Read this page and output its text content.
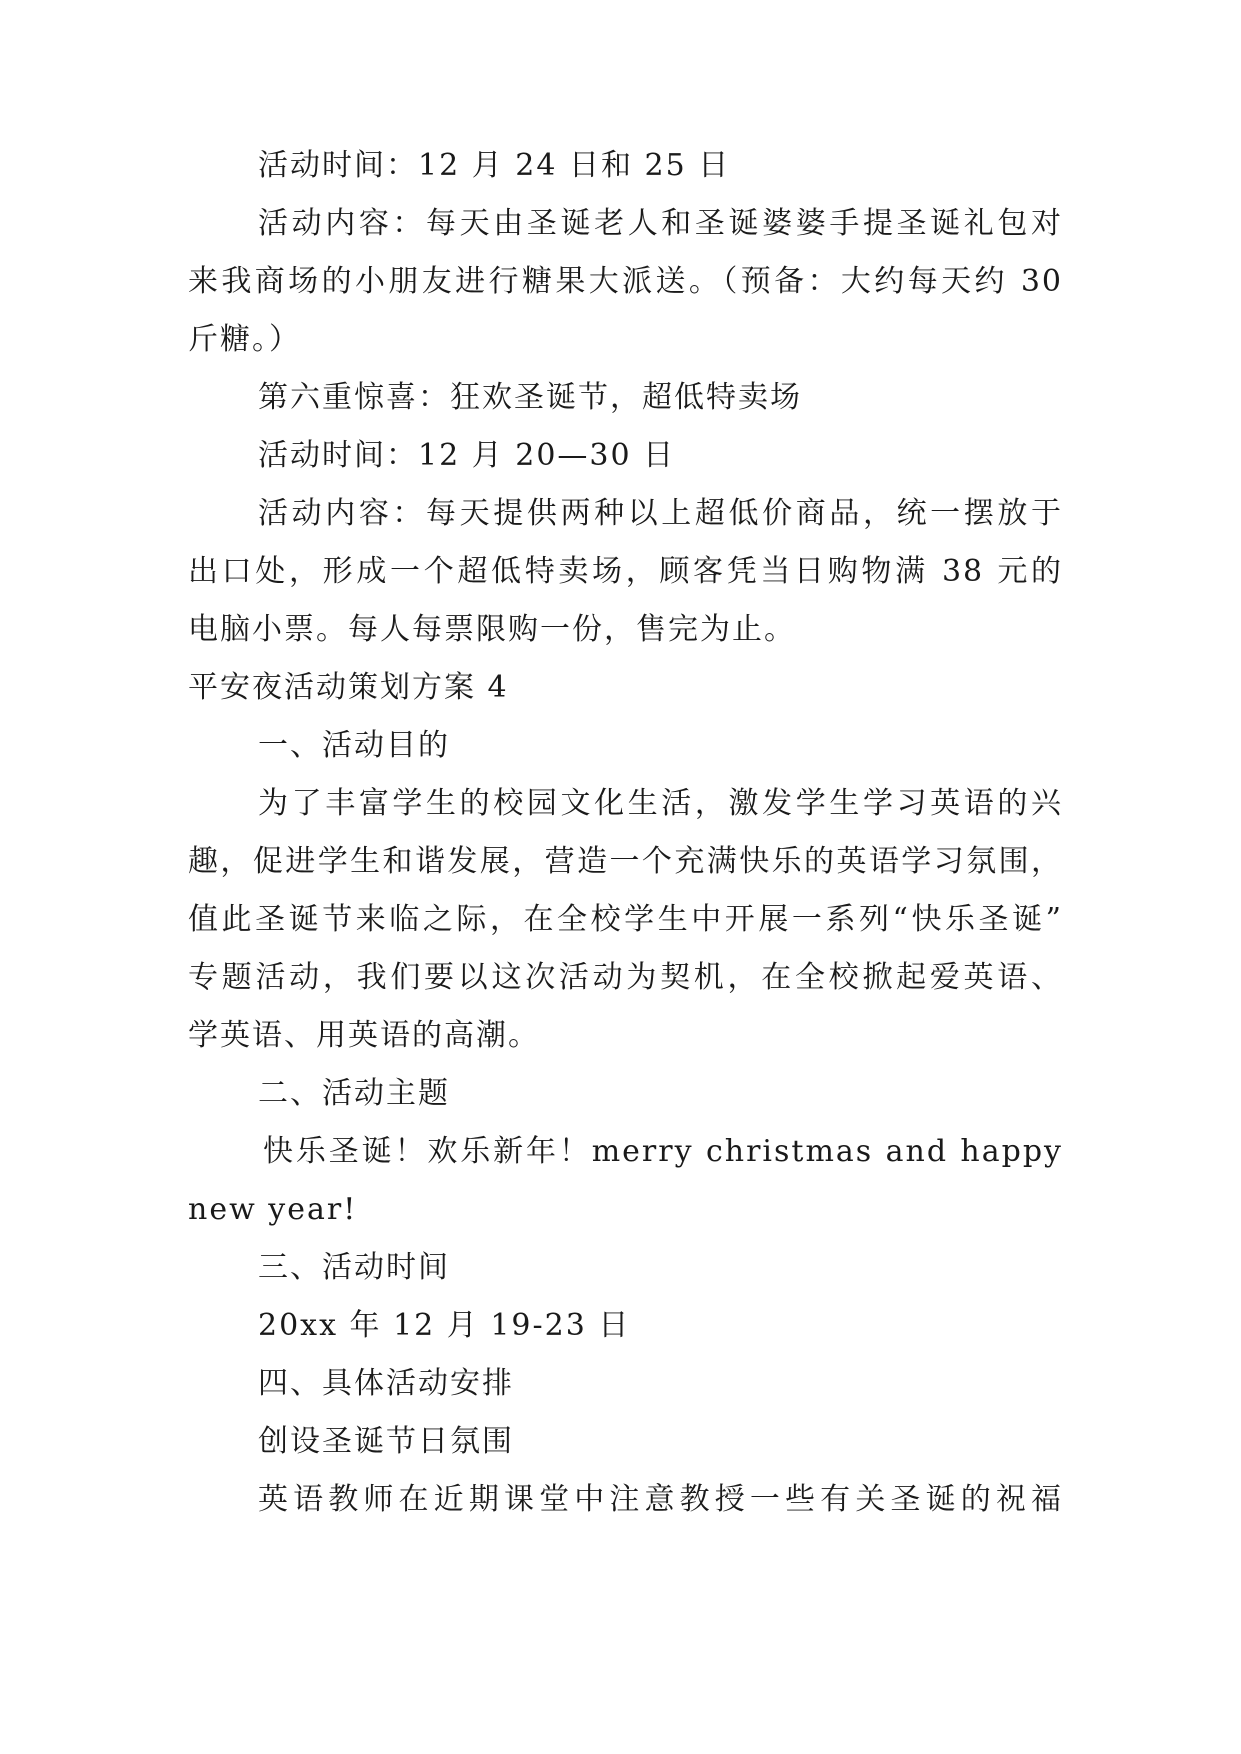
活动时间：12 月 24 日和 25 日
活动内容：每天由圣诞老人和圣诞婆婆手提圣诞礼包对
来我商场的小朋友进行糖果大派送。（预备：大约每天约 30
斤糖。）
第六重惊喜：狂欢圣诞节，超低特卖场
活动时间：12 月 20—30 日
活动内容：每天提供两种以上超低价商品，统一摆放于
出口处，形成一个超低特卖场，顾客凭当日购物满 38 元的
电脑小票。每人每票限购一份，售完为止。
平安夜活动策划方案 4
一、活动目的
为了丰富学生的校园文化生活，激发学生学习英语的兴
趣，促进学生和谐发展，营造一个充满快乐的英语学习氛围，
值此圣诞节来临之际，在全校学生中开展一系列“快乐圣诞”
专题活动，我们要以这次活动为契机，在全校掀起爱英语、
学英语、用英语的高潮。
二、活动主题
快乐圣诞！欢乐新年！merry christmas and happy
new year!
三、活动时间
20xx 年 12 月 19-23 日
四、具体活动安排
创设圣诞节日氛围
英语教师在近期课堂中注意教授一些有关圣诞的祝福
